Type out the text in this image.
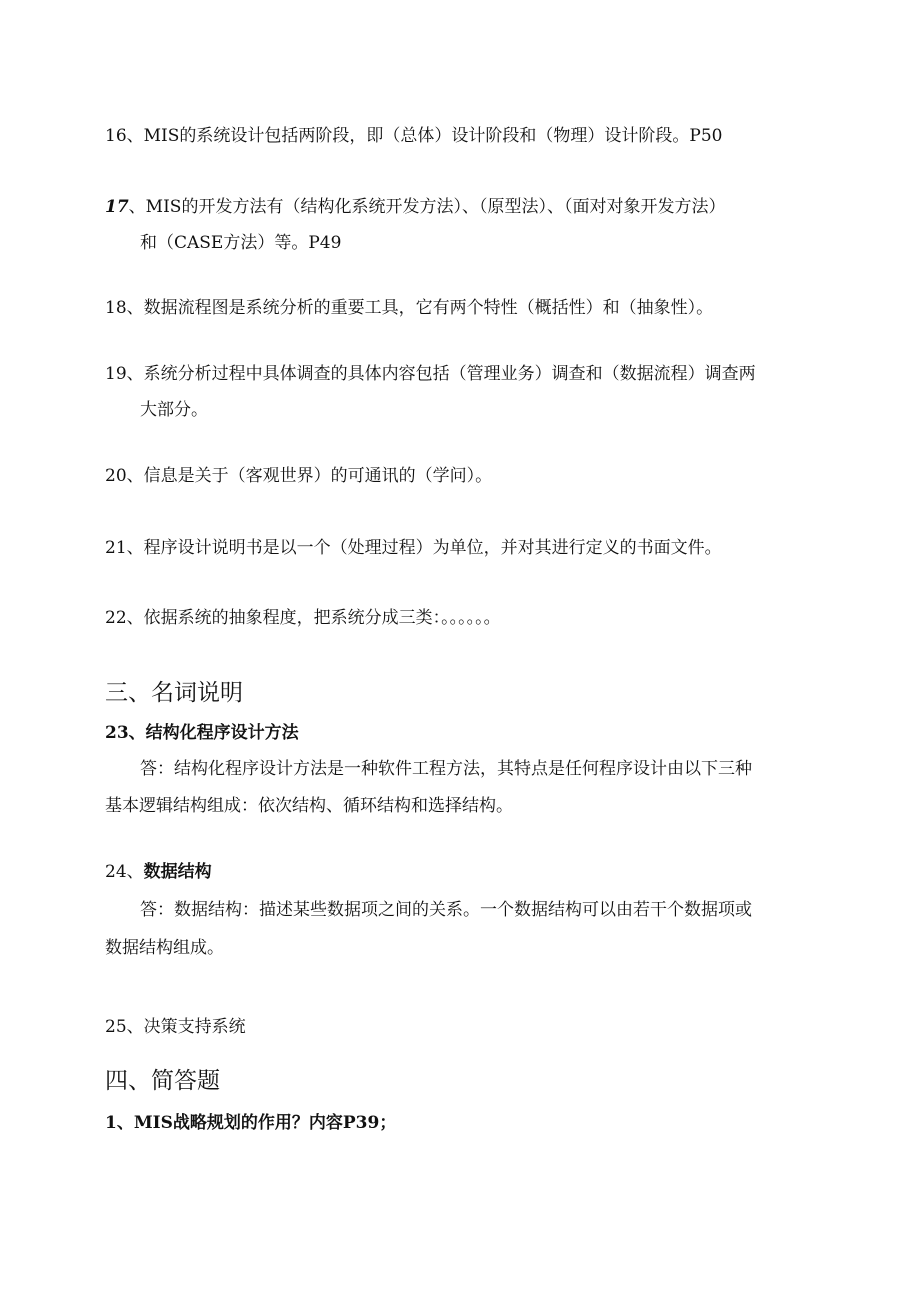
16、MIS的系统设计包括两阶段，即（总体）设计阶段和（物理）设计阶段。P50
17、MIS的开发方法有（结构化系统开发方法）、（原型法）、（面对对象开发方法）
和（CASE方法）等。P49
18、数据流程图是系统分析的重要工具，它有两个特性（概括性）和（抽象性）。
19、系统分析过程中具体调查的具体内容包括（管理业务）调查和（数据流程）调查两
大部分。
20、信息是关于（客观世界）的可通讯的（学问）。
21、程序设计说明书是以一个（处理过程）为单位，并对其进行定义的书面文件。
22、依据系统的抽象程度，把系统分成三类：。。。。。。
三、名词说明
23、结构化程序设计方法
答：结构化程序设计方法是一种软件工程方法，其特点是任何程序设计由以下三种
基本逻辑结构组成：依次结构、循环结构和选择结构。
24、数据结构
答：数据结构：描述某些数据项之间的关系。一个数据结构可以由若干个数据项或
数据结构组成。
25、决策支持系统
四、简答题
1、MIS战略规划的作用？内容P39；
